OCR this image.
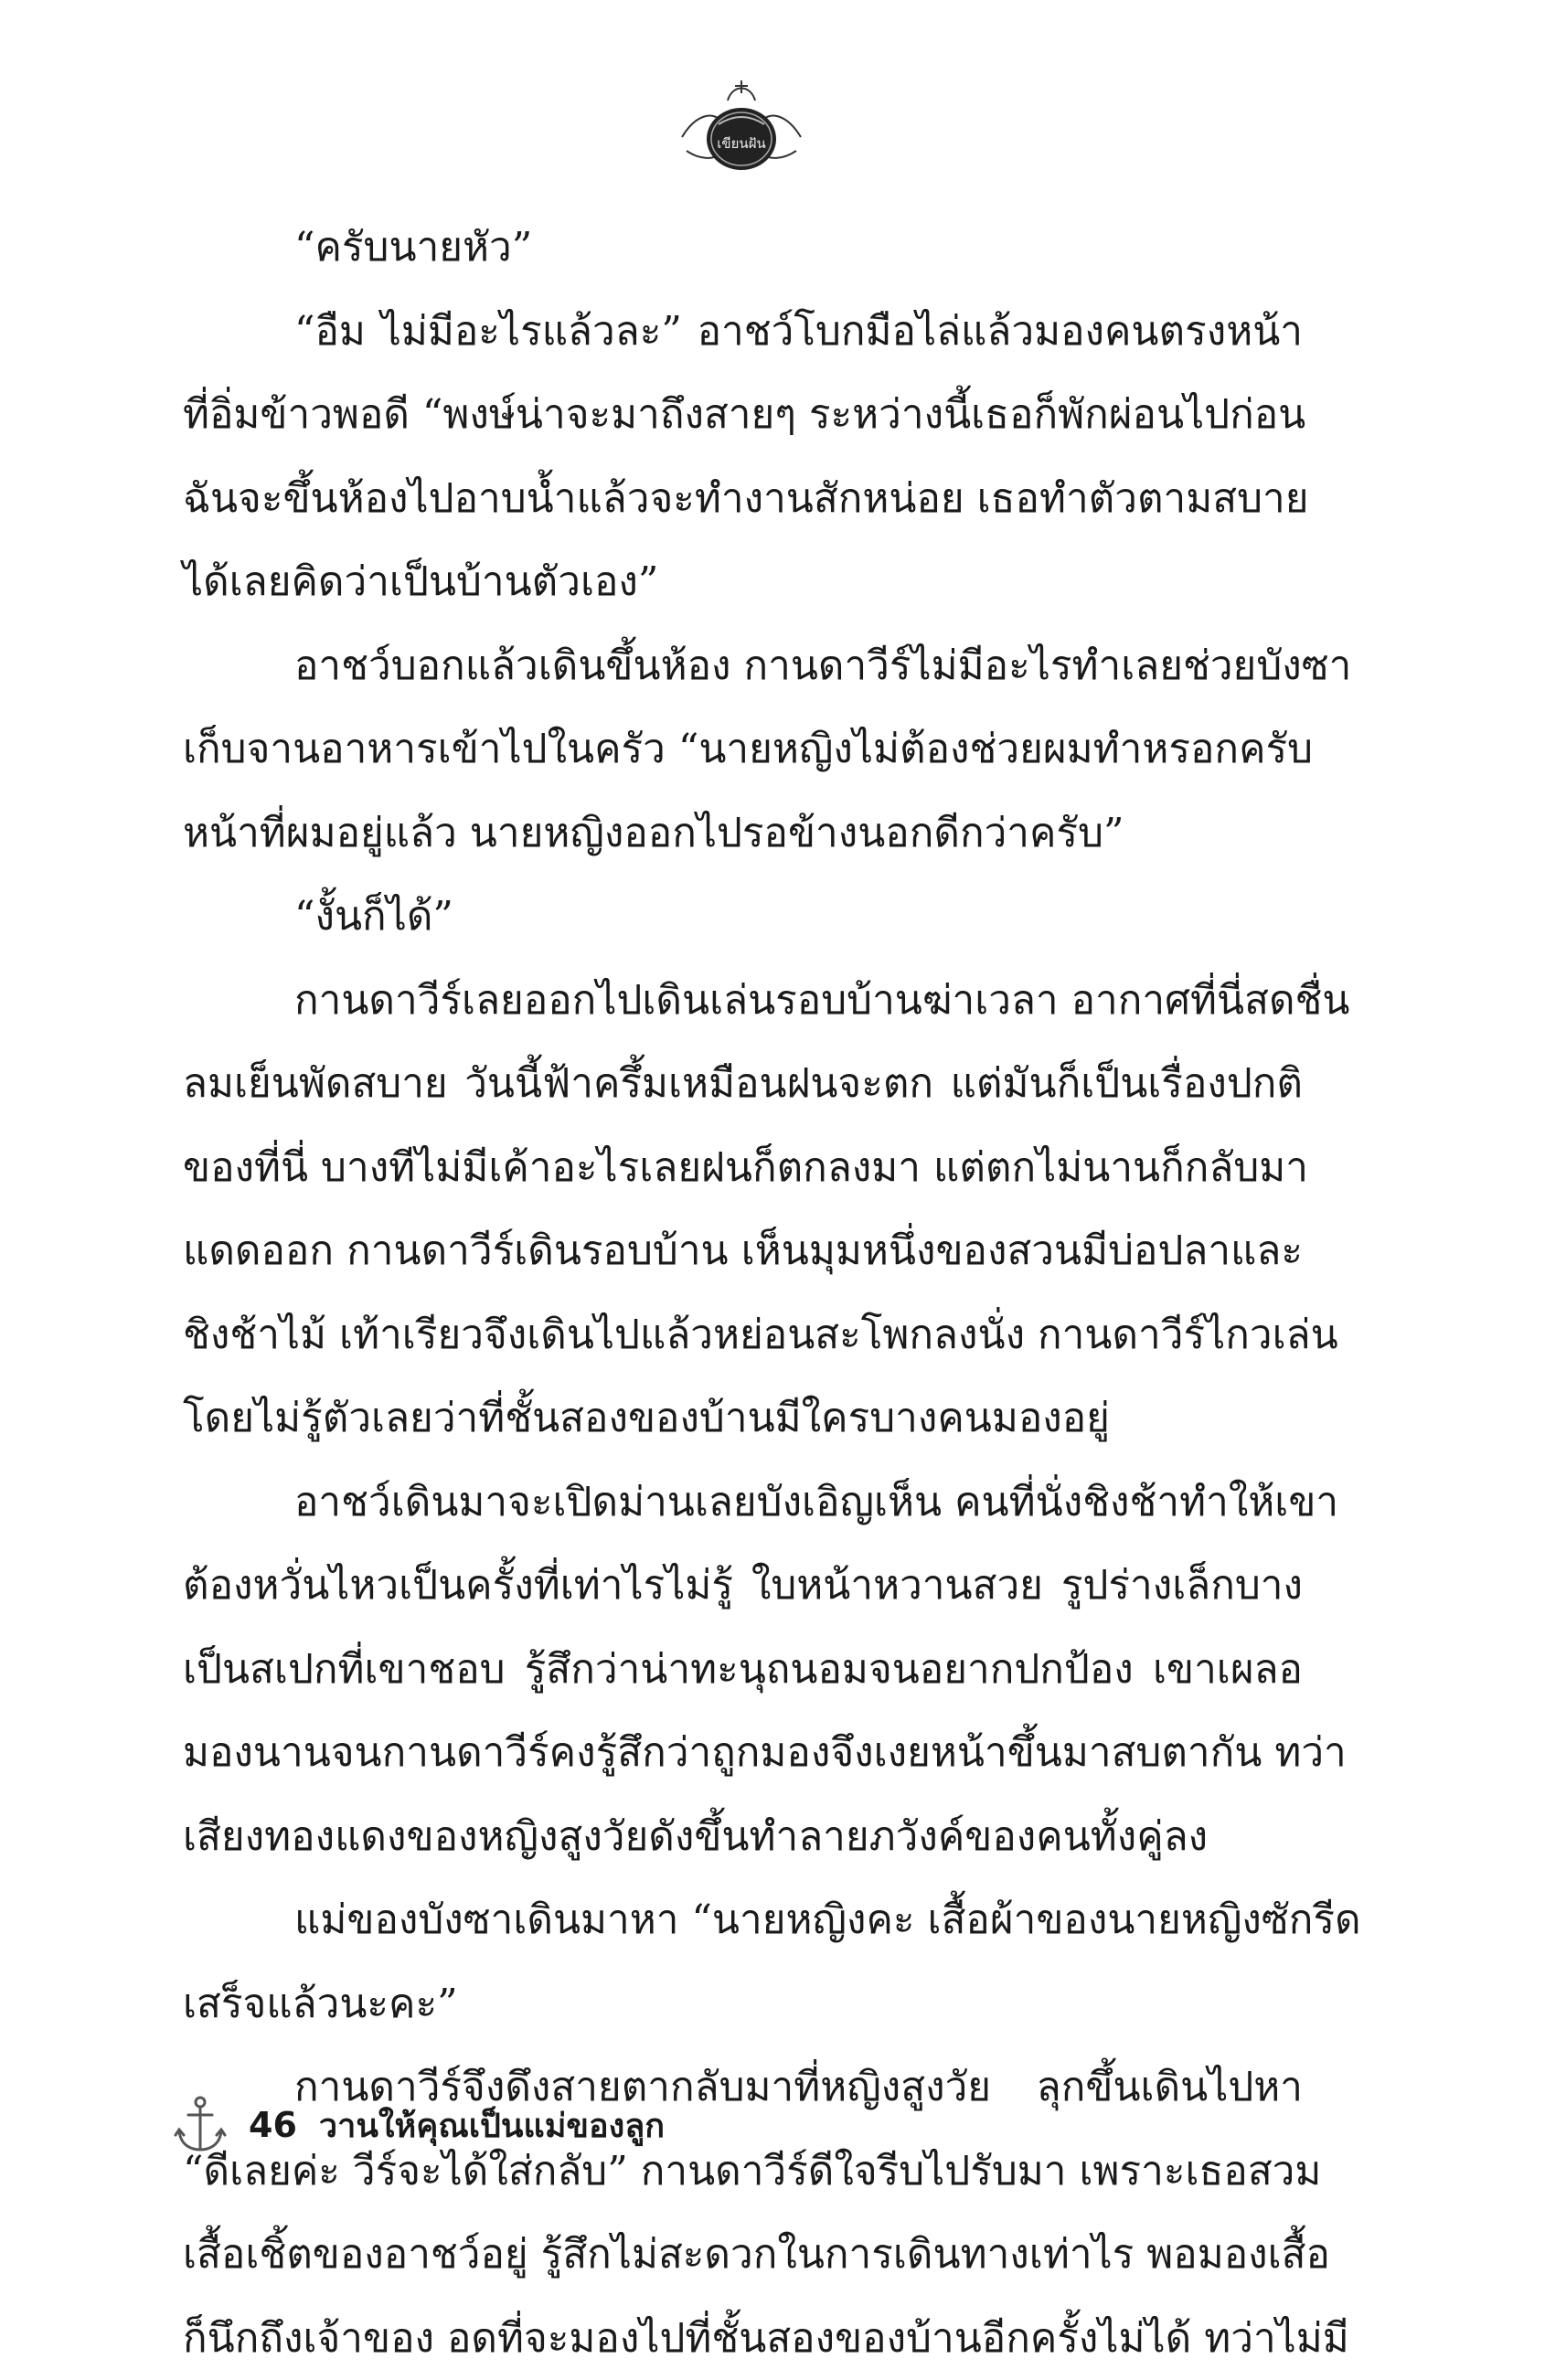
เขียนฝัน
“ครับนายหัว”
“อืม ไม่มีอะไรแล้วละ” อาชว์โบกมือไล่แล้วมองคนตรงหน้า
ที่อิ่มข้าวพอดี “พงษ์น่าจะมาถึงสายๆ ระหว่างนี้เธอก็พักผ่อนไปก่อน
ฉันจะขึ้นห้องไปอาบน้ำแล้วจะทำงานสักหน่อย เธอทำตัวตามสบาย
ได้เลยคิดว่าเป็นบ้านตัวเอง”
อาชว์บอกแล้วเดินขึ้นห้อง กานดาวีร์ไม่มีอะไรทำเลยช่วยบังซา
เก็บจานอาหารเข้าไปในครัว “นายหญิงไม่ต้องช่วยผมทำหรอกครับ
หน้าที่ผมอยู่แล้ว นายหญิงออกไปรอข้างนอกดีกว่าครับ”
“งั้นก็ได้”
กานดาวีร์เลยออกไปเดินเล่นรอบบ้านฆ่าเวลา อากาศที่นี่สดชื่น
ลมเย็นพัดสบาย วันนี้ฟ้าครึ้มเหมือนฝนจะตก แต่มันก็เป็นเรื่องปกติ
ของที่นี่ บางทีไม่มีเค้าอะไรเลยฝนก็ตกลงมา แต่ตกไม่นานก็กลับมา
แดดออก กานดาวีร์เดินรอบบ้าน เห็นมุมหนึ่งของสวนมีบ่อปลาและ
ชิงช้าไม้ เท้าเรียวจึงเดินไปแล้วหย่อนสะโพกลงนั่ง กานดาวีร์ไกวเล่น
โดยไม่รู้ตัวเลยว่าที่ชั้นสองของบ้านมีใครบางคนมองอยู่
อาชว์เดินมาจะเปิดม่านเลยบังเอิญเห็น คนที่นั่งชิงช้าทำให้เขา
ต้องหวั่นไหวเป็นครั้งที่เท่าไรไม่รู้ ใบหน้าหวานสวย รูปร่างเล็กบาง
เป็นสเปกที่เขาชอบ รู้สึกว่าน่าทะนุถนอมจนอยากปกป้อง เขาเผลอ
มองนานจนกานดาวีร์คงรู้สึกว่าถูกมองจึงเงยหน้าขึ้นมาสบตากัน ทว่า
เสียงทองแดงของหญิงสูงวัยดังขึ้นทำลายภวังค์ของคนทั้งคู่ลง
แม่ของบังซาเดินมาหา “นายหญิงคะ เสื้อผ้าของนายหญิงซักรีด
เสร็จแล้วนะคะ”
กานดาวีร์จึงดึงสายตากลับมาที่หญิงสูงวัย ลุกขึ้นเดินไปหา
“ดีเลยค่ะ วีร์จะได้ใส่กลับ” กานดาวีร์ดีใจรีบไปรับมา เพราะเธอสวม
เสื้อเชิ้ตของอาชว์อยู่ รู้สึกไม่สะดวกในการเดินทางเท่าไร พอมองเสื้อ
ก็นึกถึงเจ้าของ อดที่จะมองไปที่ชั้นสองของบ้านอีกครั้งไม่ได้ ทว่าไม่มี
46 วานให้คุณเป็นแม่ของลูก
